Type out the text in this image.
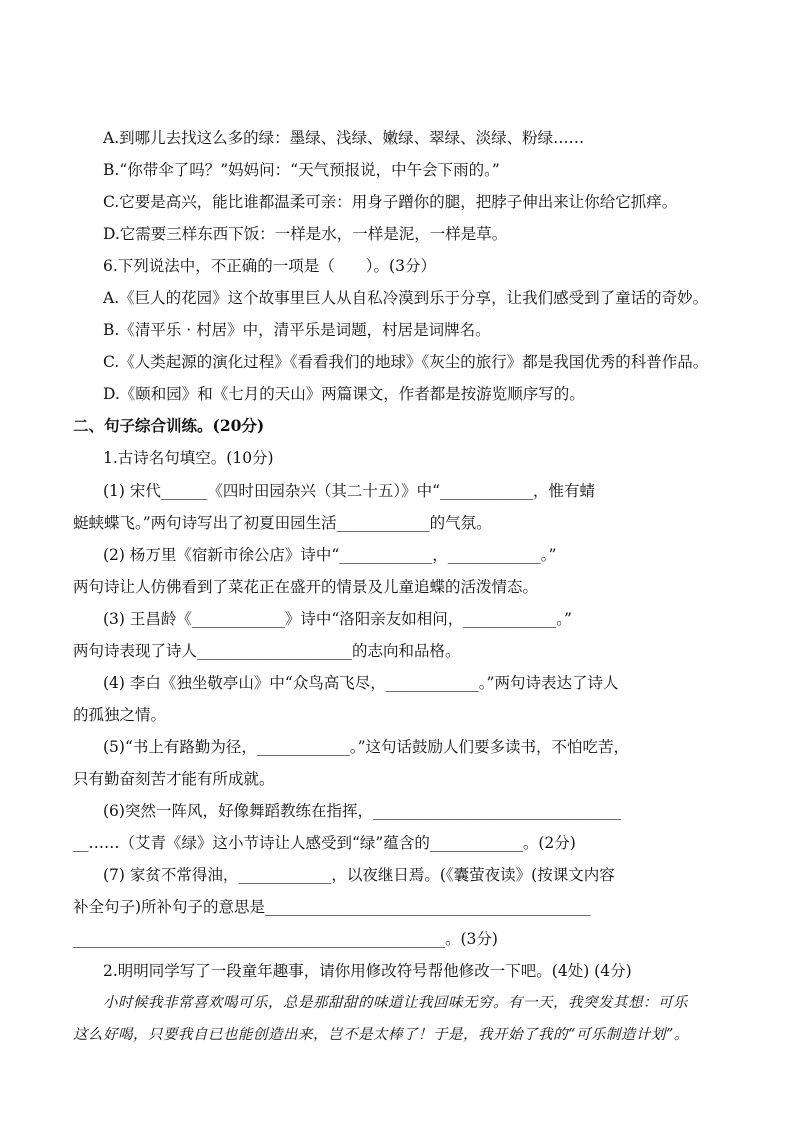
A.到哪儿去找这么多的绿：墨绿、浅绿、嫩绿、翠绿、淡绿、粉绿……
B.“你带伞了吗？”妈妈问：“天气预报说，中午会下雨的。”
C.它要是高兴，能比谁都温柔可亲：用身子蹭你的腿，把脖子伸出来让你给它抓痒。
D.它需要三样东西下饭：一样是水，一样是泥，一样是草。
6.下列说法中，不正确的一项是（　　）。(3分）
A.《巨人的花园》这个故事里巨人从自私冷漠到乐于分享，让我们感受到了童话的奇妙。
B.《清平乐 · 村居》中，清平乐是词题，村居是词牌名。
C.《人类起源的演化过程》《看看我们的地球》《灰尘的旅行》都是我国优秀的科普作品。
D.《颐和园》和《七月的天山》两篇课文，作者都是按游览顺序写的。
二、句子综合训练。(20分)
1.古诗名句填空。(10分)
(1) 宋代______《四时田园杂兴（其二十五）》中“____________，惟有蜻
蜓蛱蝶飞。”两句诗写出了初夏田园生活____________的气氛。
(2) 杨万里《宿新市徐公店》诗中“____________，____________。”
两句诗让人仿佛看到了菜花正在盛开的情景及儿童追蝶的活泼情态。
(3) 王昌龄《____________》诗中“洛阳亲友如相问，____________。”
两句诗表现了诗人____________________的志向和品格。
(4) 李白《独坐敬亭山》中“众鸟高飞尽，____________。”两句诗表达了诗人
的孤独之情。
(5)“书上有路勤为径，____________。”这句话鼓励人们要多读书，不怕吃苦，
只有勤奋刻苦才能有所成就。
(6)突然一阵风，好像舞蹈教练在指挥，________________________________
__……（艾青《绿》这小节诗让人感受到“绿”蕴含的____________。(2分)
(7) 家贫不常得油，____________，以夜继日焉。(《囊萤夜读》(按课文内容
补全句子)所补句子的意思是__________________________________________
________________________________________________。(3分)
2.明明同学写了一段童年趣事，请你用修改符号帮他修改一下吧。(4处) (4分)
小时候我非常喜欢喝可乐，总是那甜甜的味道让我回味无穷。有一天，我突发其想：可乐
这么好喝，只要我自已也能创造出来，岂不是太棒了！于是，我开始了我的“可乐制造计划”。
